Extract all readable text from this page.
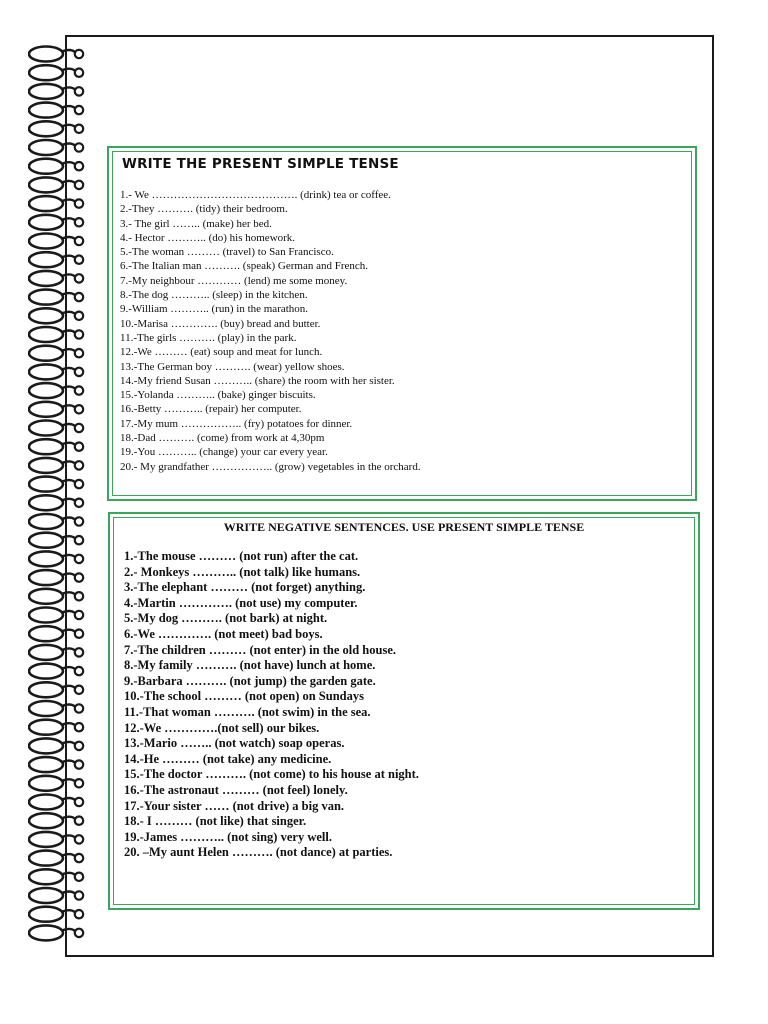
WRITE THE PRESENT SIMPLE TENSE
1.- We …………………………………. (drink) tea or coffee.
2.-They ………. (tidy) their bedroom.
3.- The girl …….. (make) her bed.
4.- Hector ……….. (do) his homework.
5.-The woman ……… (travel) to San Francisco.
6.-The Italian man ………. (speak) German and French.
7.-My neighbour ………… (lend) me some money.
8.-The dog ……….. (sleep) in the kitchen.
9.-William ……….. (run) in the marathon.
10.-Marisa …………. (buy) bread and butter.
11.-The girls ………. (play) in the park.
12.-We ……… (eat) soup and meat for lunch.
13.-The German boy ………. (wear) yellow shoes.
14.-My friend Susan ……….. (share) the room with her sister.
15.-Yolanda ……….. (bake) ginger biscuits.
16.-Betty ……….. (repair) her computer.
17.-My mum …………….. (fry) potatoes for dinner.
18.-Dad ………. (come) from work at 4,30pm
19.-You ……….. (change) your car every year.
20.- My grandfather …………….. (grow) vegetables in the orchard.
WRITE NEGATIVE SENTENCES. USE PRESENT SIMPLE TENSE
1.-The mouse ……… (not run) after the cat.
2.- Monkeys ……….. (not talk) like humans.
3.-The elephant ……… (not forget) anything.
4.-Martin …………. (not use) my computer.
5.-My dog ………. (not bark) at night.
6.-We …………. (not meet) bad boys.
7.-The children ……… (not enter) in the old house.
8.-My family ………. (not have) lunch at home.
9.-Barbara ………. (not jump) the garden gate.
10.-The school ……… (not open) on Sundays
11.-That woman ………. (not swim) in the sea.
12.-We ………….(not sell) our bikes.
13.-Mario …….. (not watch) soap operas.
14.-He ……… (not take) any medicine.
15.-The doctor ………. (not come) to his house at night.
16.-The astronaut ……… (not feel) lonely.
17.-Your sister …… (not drive) a big van.
18.- I ……… (not like) that singer.
19.-James ……….. (not sing) very well.
20. –My aunt Helen ………. (not dance) at parties.
